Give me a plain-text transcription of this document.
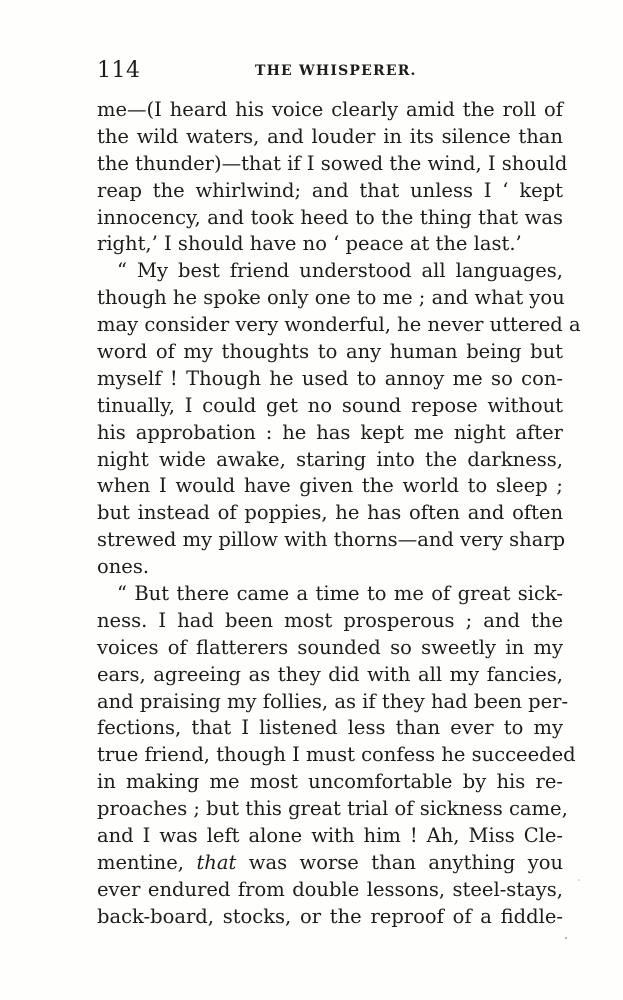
114	THE WHISPERER.
me—(I heard his voice clearly amid the roll of
the wild waters, and louder in its silence than
the thunder)—that if I sowed the wind, I should
reap the whirlwind; and that unless I ‘ kept
innocency, and took heed to the thing that was
right,’ I should have no ‘ peace at the last.’
“ My best friend understood all languages,
though he spoke only one to me ; and what you
may consider very wonderful, he never uttered a
word of my thoughts to any human being but
myself ! Though he used to annoy me so con-
tinually, I could get no sound repose without
his approbation : he has kept me night after
night wide awake, staring into the darkness,
when I would have given the world to sleep ;
but instead of poppies, he has often and often
strewed my pillow with thorns—and very sharp
ones.
“ But there came a time to me of great sick-
ness. I had been most prosperous ; and the
voices of flatterers sounded so sweetly in my
ears, agreeing as they did with all my fancies,
and praising my follies, as if they had been per-
fections, that I listened less than ever to my
true friend, though I must confess he succeeded
in making me most uncomfortable by his re-
proaches ; but this great trial of sickness came,
and I was left alone with him ! Ah, Miss Cle-
mentine, that was worse than anything you
ever endured from double lessons, steel-stays,
back-board, stocks, or the reproof of a fiddle-
